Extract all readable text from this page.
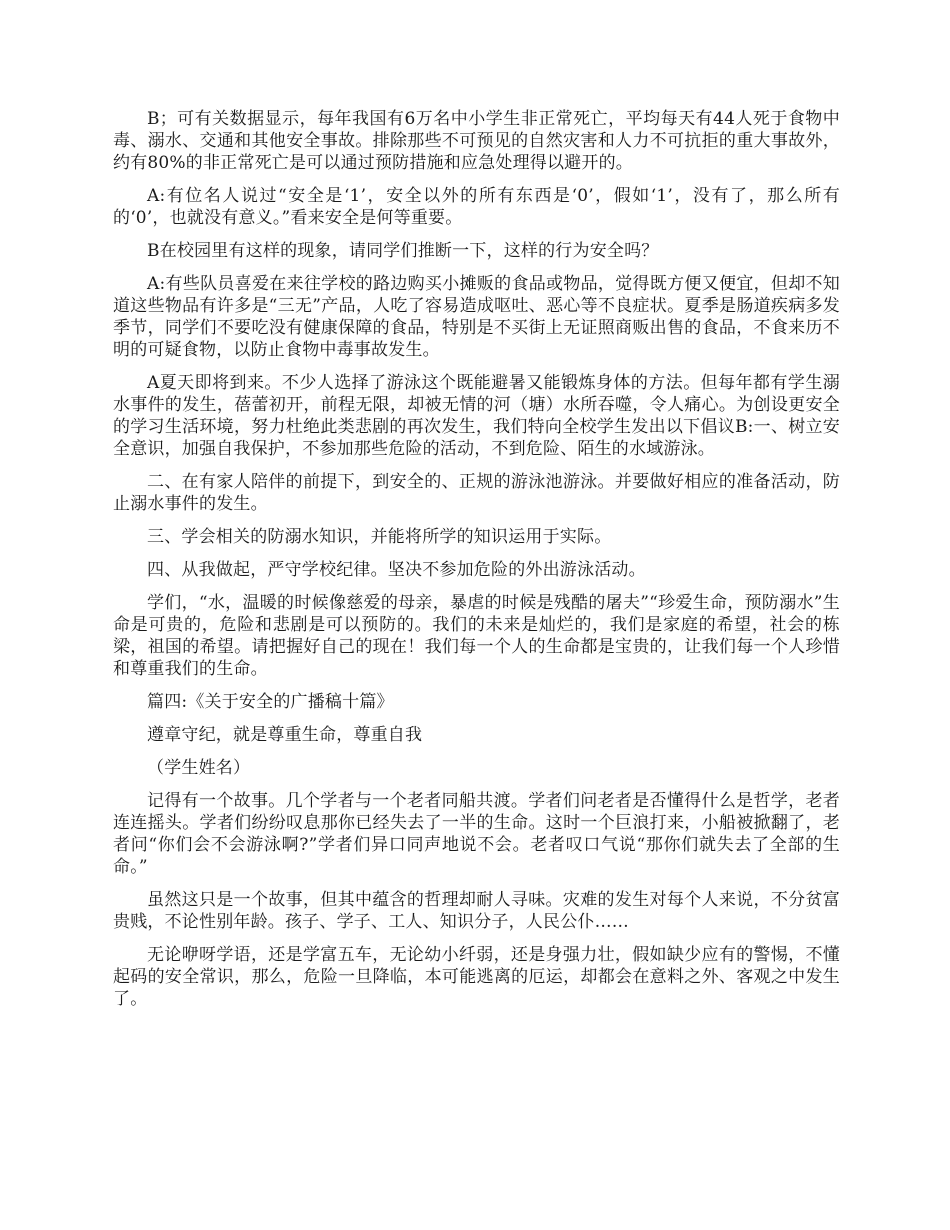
B；可有关数据显示，每年我国有6万名中小学生非正常死亡，平均每天有44人死于食物中毒、溺水、交通和其他安全事故。排除那些不可预见的自然灾害和人力不可抗拒的重大事故外，约有80%的非正常死亡是可以通过预防措施和应急处理得以避开的。

A:有位名人说过“安全是‘1’，安全以外的所有东西是‘0’，假如‘1’，没有了，那么所有的‘0’，也就没有意义。”看来安全是何等重要。

B在校园里有这样的现象，请同学们推断一下，这样的行为安全吗？

A:有些队员喜爱在来往学校的路边购买小摊贩的食品或物品，觉得既方便又便宜，但却不知道这些物品有许多是“三无”产品，人吃了容易造成呕吐、恶心等不良症状。夏季是肠道疾病多发季节，同学们不要吃没有健康保障的食品，特别是不买街上无证照商贩出售的食品，不食来历不明的可疑食物，以防止食物中毒事故发生。

A夏天即将到来。不少人选择了游泳这个既能避暑又能锻炼身体的方法。但每年都有学生溺水事件的发生，蓓蕾初开，前程无限，却被无情的河（塘）水所吞噬，令人痛心。为创设更安全的学习生活环境，努力杜绝此类悲剧的再次发生，我们特向全校学生发出以下倡议B:一、树立安全意识，加强自我保护，不参加那些危险的活动，不到危险、陌生的水域游泳。

二、在有家人陪伴的前提下，到安全的、正规的游泳池游泳。并要做好相应的准备活动，防止溺水事件的发生。

三、学会相关的防溺水知识，并能将所学的知识运用于实际。

四、从我做起，严守学校纪律。坚决不参加危险的外出游泳活动。

学们，“水，温暖的时候像慈爱的母亲，暴虐的时候是残酷的屠夫”“珍爱生命，预防溺水”生命是可贵的，危险和悲剧是可以预防的。我们的未来是灿烂的，我们是家庭的希望，社会的栋梁，祖国的希望。请把握好自己的现在！我们每一个人的生命都是宝贵的，让我们每一个人珍惜和尊重我们的生命。

篇四:《关于安全的广播稿十篇》

遵章守纪，就是尊重生命，尊重自我

（学生姓名）

记得有一个故事。几个学者与一个老者同船共渡。学者们问老者是否懂得什么是哲学，老者连连摇头。学者们纷纷叹息那你已经失去了一半的生命。这时一个巨浪打来，小船被掀翻了，老者问“你们会不会游泳啊?”学者们异口同声地说不会。老者叹口气说“那你们就失去了全部的生命。”

虽然这只是一个故事，但其中蕴含的哲理却耐人寻味。灾难的发生对每个人来说，不分贫富贵贱，不论性别年龄。孩子、学子、工人、知识分子，人民公仆……

无论咿呀学语，还是学富五车，无论幼小纤弱，还是身强力壮，假如缺少应有的警惕，不懂起码的安全常识，那么，危险一旦降临，本可能逃离的厄运，却都会在意料之外、客观之中发生了。
